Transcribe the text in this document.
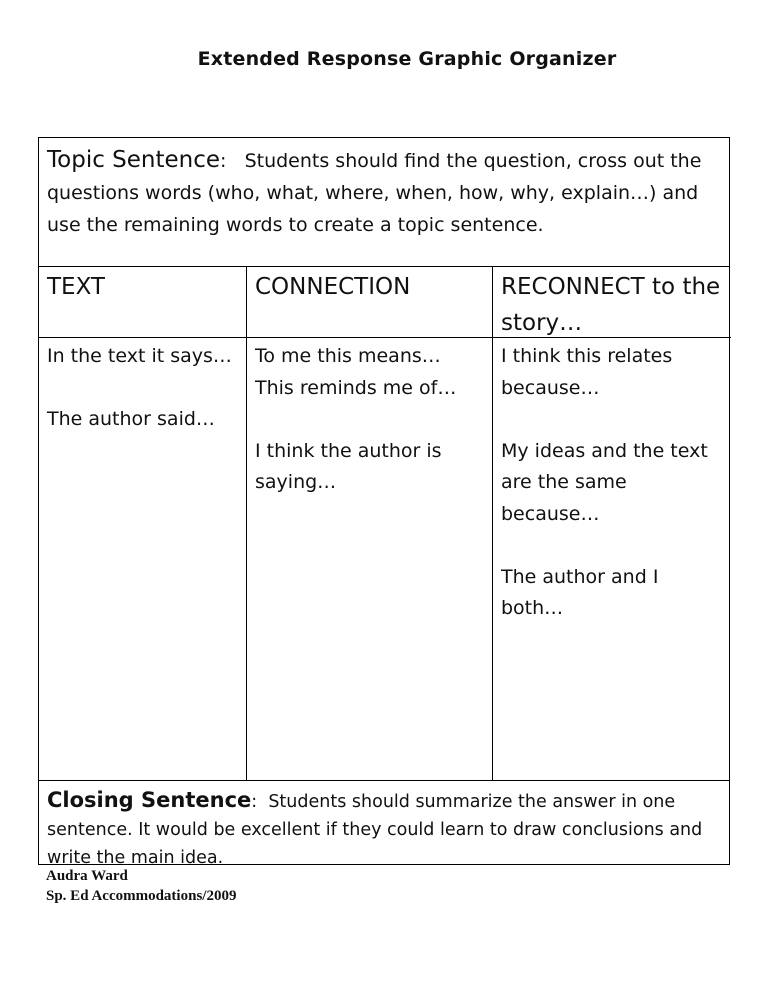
Extended Response Graphic Organizer
Topic Sentence: Students should find the question, cross out the questions words (who, what, where, when, how, why, explain…) and use the remaining words to create a topic sentence.
TEXT

In the text it says…

The author said…

CONNECTION

To me this means…

This reminds me of…

I think the author is saying…

RECONNECT to the story…

I think this relates because…

My ideas and the text are the same because…

The author and I both…

Closing Sentence: Students should summarize the answer in one sentence. It would be excellent if they could learn to draw conclusions and write the main idea.
Audra Ward
Sp. Ed Accommodations/2009
